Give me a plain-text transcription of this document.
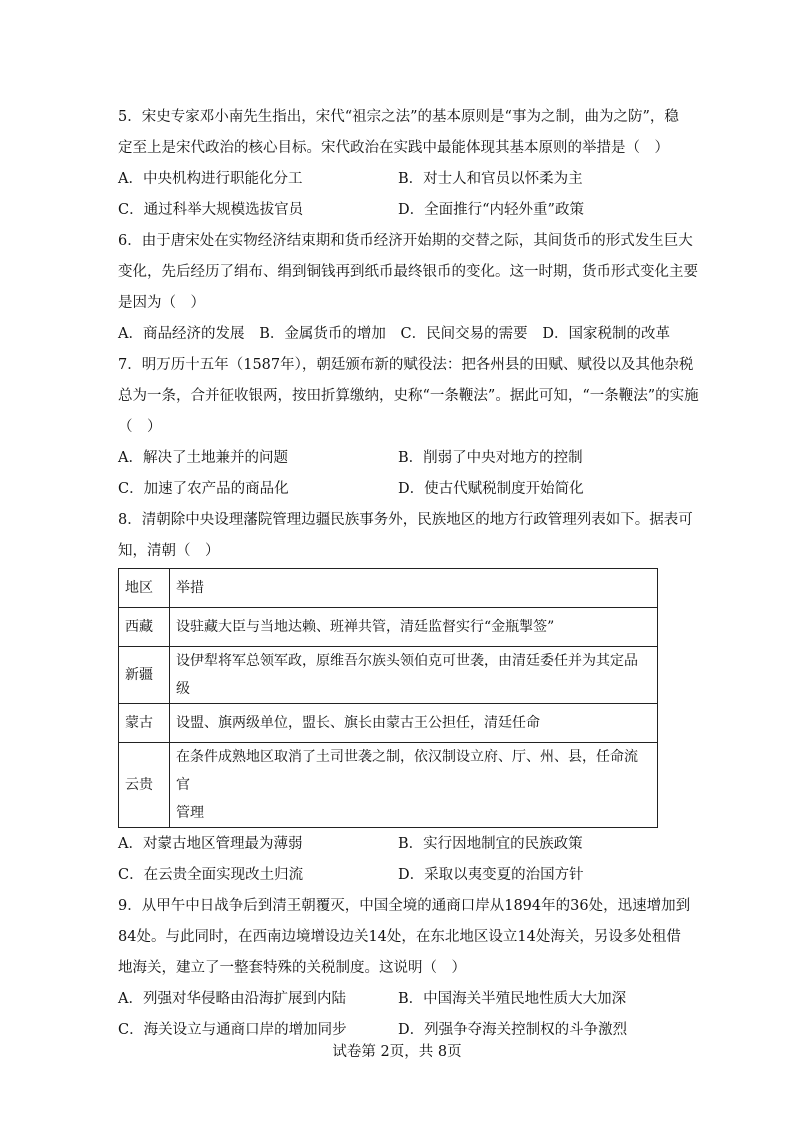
5．宋史专家邓小南先生指出，宋代“祖宗之法”的基本原则是“事为之制，曲为之防”，稳
定至上是宋代政治的核心目标。宋代政治在实践中最能体现其基本原则的举措是（　）
A．中央机构进行职能化分工	B．对士人和官员以怀柔为主
C．通过科举大规模选拔官员	D．全面推行“内轻外重”政策
6．由于唐宋处在实物经济结束期和货币经济开始期的交替之际，其间货币的形式发生巨大
变化，先后经历了绢布、绢到铜钱再到纸币最终银币的变化。这一时期，货币形式变化主要
是因为（　）
A．商品经济的发展 B．金属货币的增加 C．民间交易的需要 D．国家税制的改革
7．明万历十五年（1587年），朝廷颁布新的赋役法：把各州县的田赋、赋役以及其他杂税
总为一条，合并征收银两，按田折算缴纳，史称“一条鞭法”。据此可知，“一条鞭法”的实施
（　）
A．解决了土地兼并的问题	B．削弱了中央对地方的控制
C．加速了农产品的商品化	D．使古代赋税制度开始简化
8．清朝除中央设理藩院管理边疆民族事务外，民族地区的地方行政管理列表如下。据表可
知，清朝（　）
地区	举措
西藏	设驻藏大臣与当地达赖、班禅共管，清廷监督实行“金瓶掣签”
新疆	设伊犁将军总领军政，原维吾尔族头领伯克可世袭，由清廷委任并为其定品级
蒙古	设盟、旗两级单位，盟长、旗长由蒙古王公担任，清廷任命
云贵	在条件成熟地区取消了土司世袭之制，依汉制设立府、厅、州、县，任命流官
管理
A．对蒙古地区管理最为薄弱	B．实行因地制宜的民族政策
C．在云贵全面实现改土归流	D．采取以夷变夏的治国方针
9．从甲午中日战争后到清王朝覆灭，中国全境的通商口岸从1894年的36处，迅速增加到
84处。与此同时，在西南边境增设边关14处，在东北地区设立14处海关，另设多处租借
地海关，建立了一整套特殊的关税制度。这说明（　）
A．列强对华侵略由沿海扩展到内陆	B．中国海关半殖民地性质大大加深
C．海关设立与通商口岸的增加同步	D．列强争夺海关控制权的斗争激烈
试卷第 2页，共 8页
